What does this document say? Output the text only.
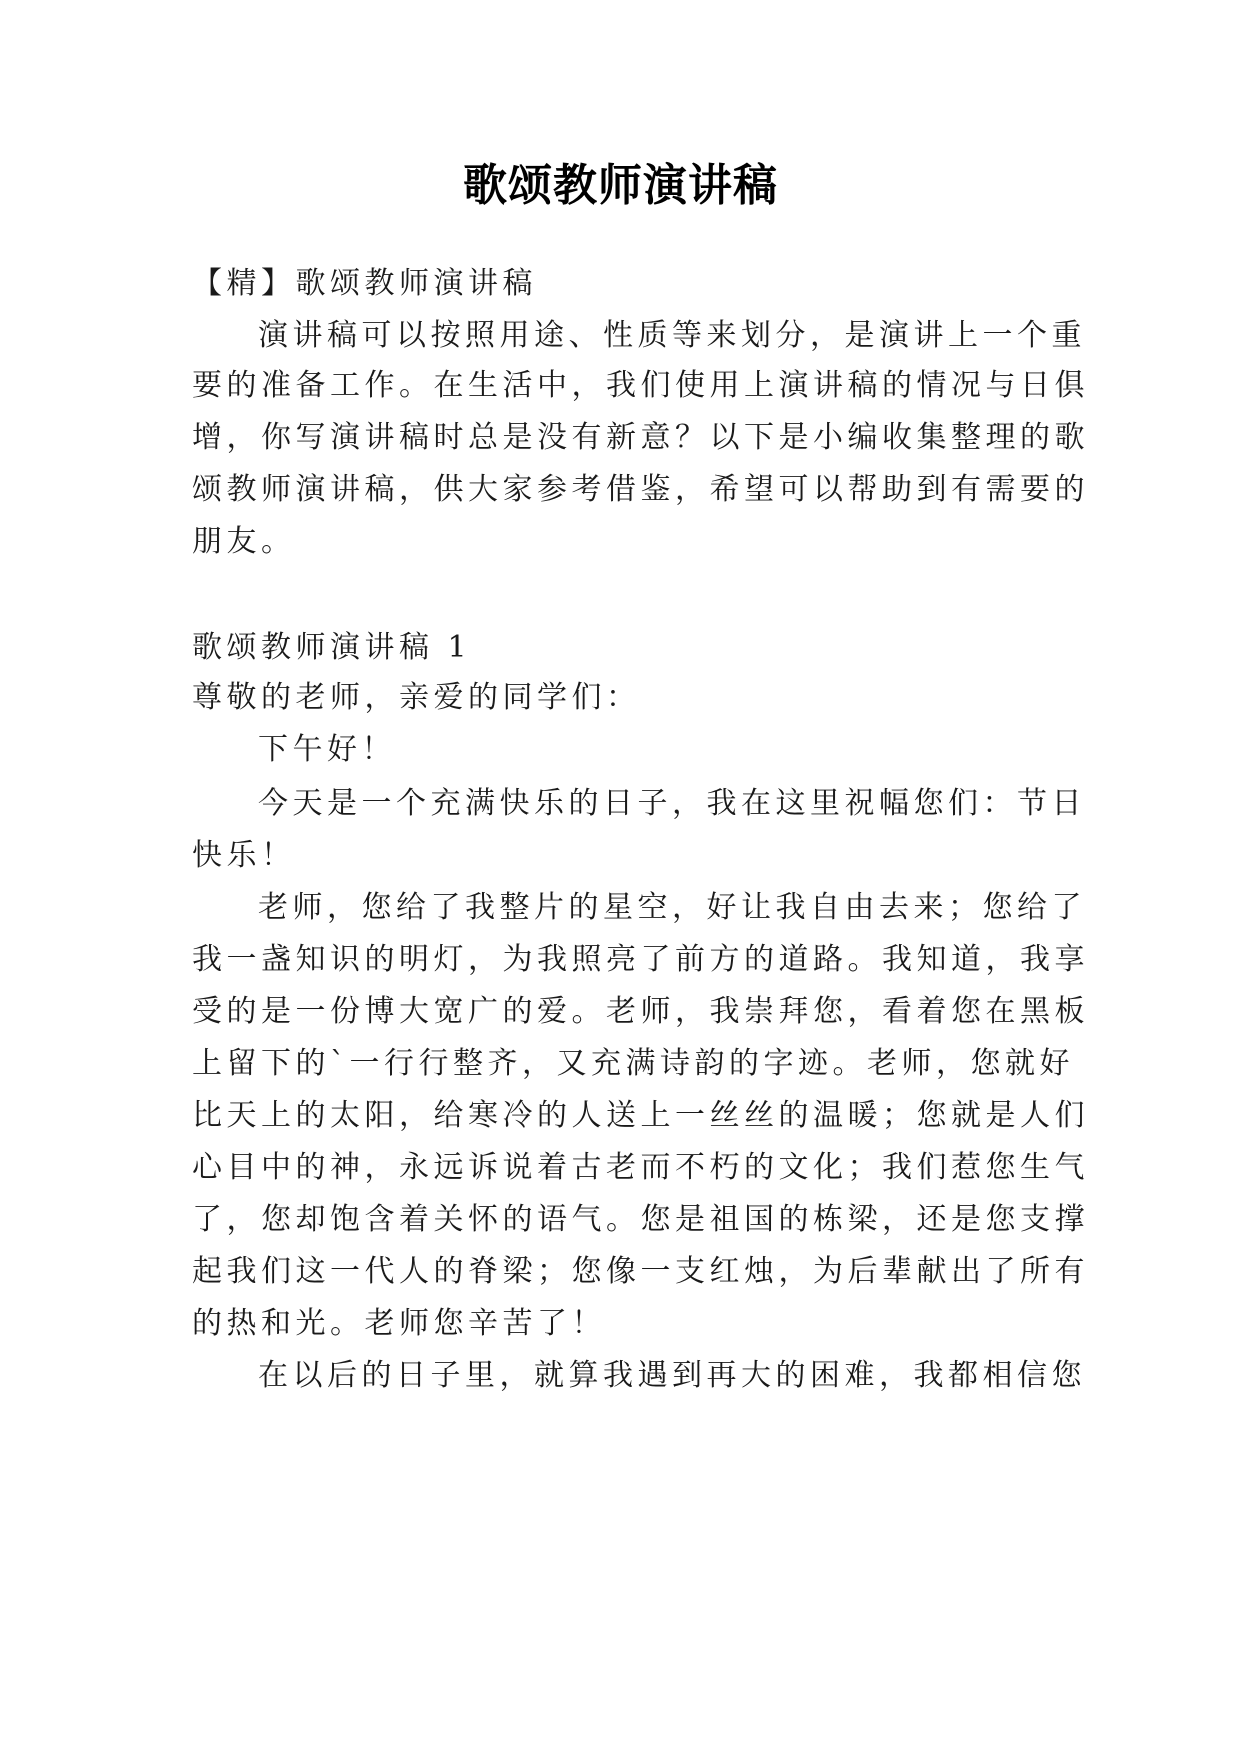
歌颂教师演讲稿
【精】歌颂教师演讲稿
演讲稿可以按照用途、性质等来划分，是演讲上一个重
要的准备工作。在生活中，我们使用上演讲稿的情况与日俱
增，你写演讲稿时总是没有新意？以下是小编收集整理的歌
颂教师演讲稿，供大家参考借鉴，希望可以帮助到有需要的
朋友。
歌颂教师演讲稿 1
尊敬的老师，亲爱的同学们：
下午好！
今天是一个充满快乐的日子，我在这里祝幅您们：节日
快乐！
老师，您给了我整片的星空，好让我自由去来；您给了
我一盏知识的明灯，为我照亮了前方的道路。我知道，我享
受的是一份博大宽广的爱。老师，我崇拜您，看着您在黑板
上留下的`一行行整齐，又充满诗韵的字迹。老师，您就好
比天上的太阳，给寒冷的人送上一丝丝的温暖；您就是人们
心目中的神，永远诉说着古老而不朽的文化；我们惹您生气
了，您却饱含着关怀的语气。您是祖国的栋梁，还是您支撑
起我们这一代人的脊梁；您像一支红烛，为后辈献出了所有
的热和光。老师您辛苦了！
在以后的日子里，就算我遇到再大的困难，我都相信您
